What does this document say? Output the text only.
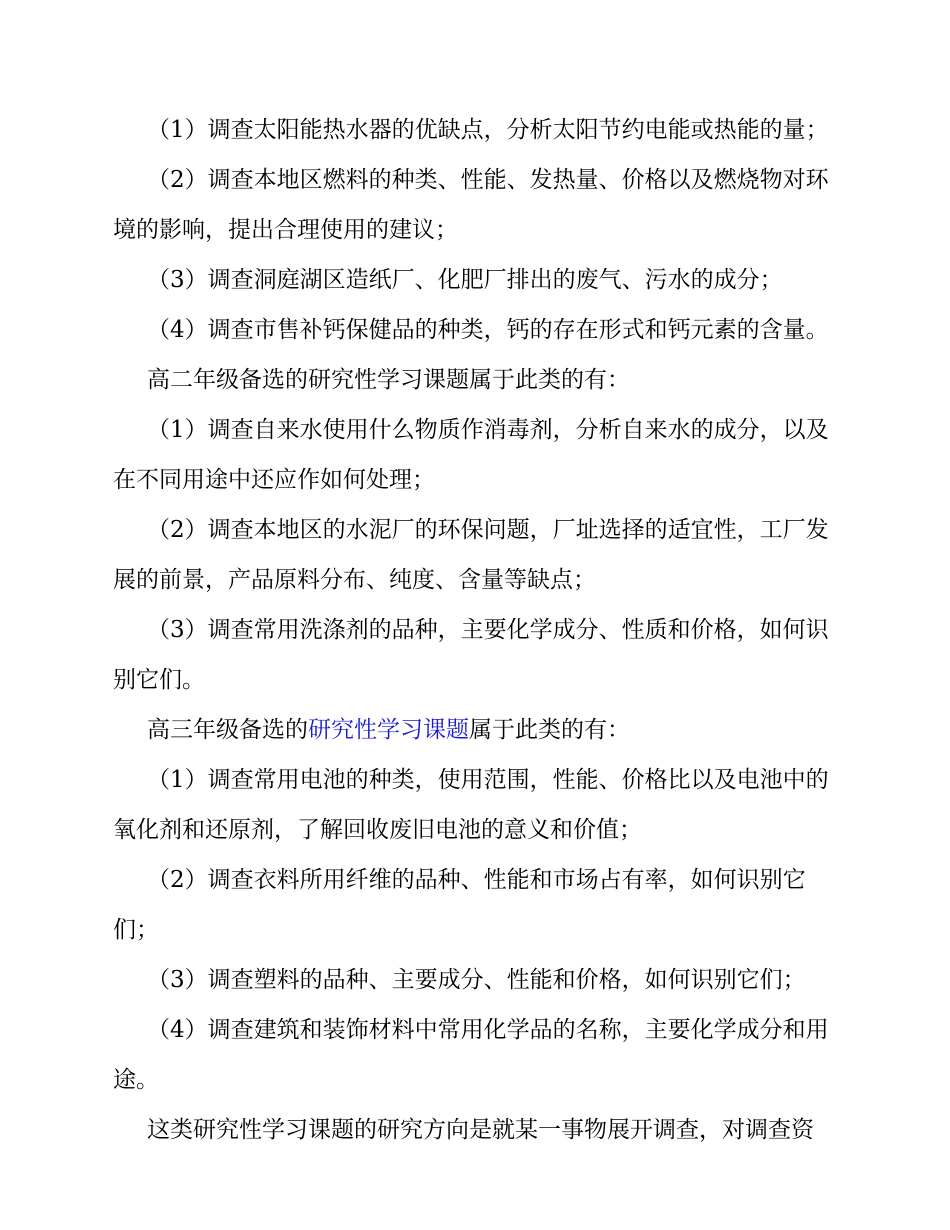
（1）调查太阳能热水器的优缺点，分析太阳节约电能或热能的量；

（2）调查本地区燃料的种类、性能、发热量、价格以及燃烧物对环境的影响，提出合理使用的建议；

（3）调查洞庭湖区造纸厂、化肥厂排出的废气、污水的成分；

（4）调查市售补钙保健品的种类，钙的存在形式和钙元素的含量。

高二年级备选的研究性学习课题属于此类的有：

（1）调查自来水使用什么物质作消毒剂，分析自来水的成分，以及在不同用途中还应作如何处理；

（2）调查本地区的水泥厂的环保问题，厂址选择的适宜性，工厂发展的前景，产品原料分布、纯度、含量等缺点；

（3）调查常用洗涤剂的品种，主要化学成分、性质和价格，如何识别它们。

高三年级备选的研究性学习课题属于此类的有：

（1）调查常用电池的种类，使用范围，性能、价格比以及电池中的氧化剂和还原剂，了解回收废旧电池的意义和价值；

（2）调查衣料所用纤维的品种、性能和市场占有率，如何识别它们；

（3）调查塑料的品种、主要成分、性能和价格，如何识别它们；

（4）调查建筑和装饰材料中常用化学品的名称，主要化学成分和用途。

这类研究性学习课题的研究方向是就某一事物展开调查，对调查资
